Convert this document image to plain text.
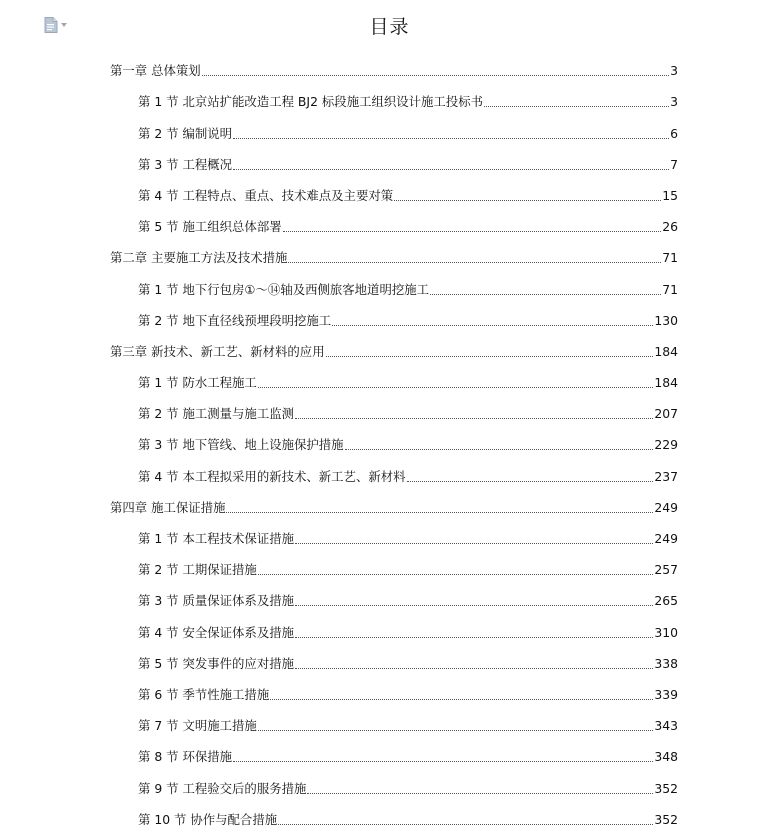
目录
第一章 总体策划	3
第 1 节 北京站扩能改造工程 BJ2 标段施工组织设计施工投标书	3
第 2 节 编制说明	6
第 3 节 工程概况	7
第 4 节 工程特点、重点、技术难点及主要对策	15
第 5 节 施工组织总体部署	26
第二章 主要施工方法及技术措施	71
第 1 节 地下行包房①～⑭轴及西侧旅客地道明挖施工	71
第 2 节 地下直径线预埋段明挖施工	130
第三章 新技术、新工艺、新材料的应用	184
第 1 节 防水工程施工	184
第 2 节 施工测量与施工监测	207
第 3 节 地下管线、地上设施保护措施	229
第 4 节 本工程拟采用的新技术、新工艺、新材料	237
第四章 施工保证措施	249
第 1 节 本工程技术保证措施	249
第 2 节 工期保证措施	257
第 3 节 质量保证体系及措施	265
第 4 节 安全保证体系及措施	310
第 5 节 突发事件的应对措施	338
第 6 节 季节性施工措施	339
第 7 节 文明施工措施	343
第 8 节 环保措施	348
第 9 节 工程验交后的服务措施	352
第 10 节 协作与配合措施	352
